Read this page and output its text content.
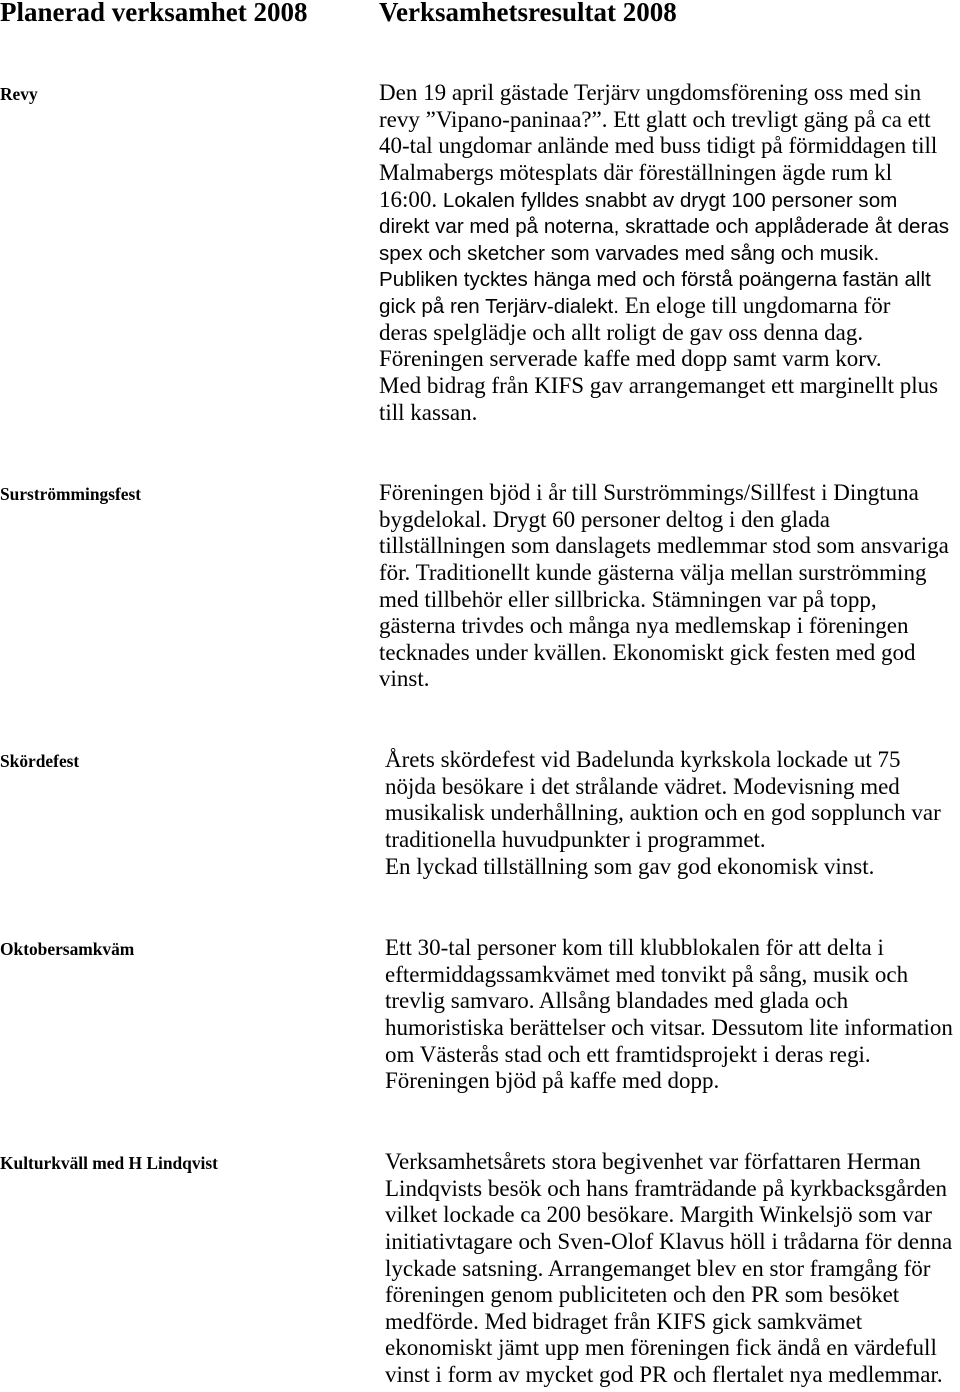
Planerad verksamhet 2008	Verksamhetsresultat 2008
Revy	Den 19 april gästade Terjärv ungdomsförening oss med sin
revy ”Vipano-paninaa?”. Ett glatt och trevligt gäng på ca ett
40-tal ungdomar anlände med buss tidigt på förmiddagen till
Malmabergs mötesplats där föreställningen ägde rum kl
16:00. Lokalen fylldes snabbt av drygt 100 personer som
direkt var med på noterna, skrattade och applåderade åt deras
spex och sketcher som varvades med sång och musik.
Publiken tycktes hänga med och förstå poängerna fastän allt
gick på ren Terjärv-dialekt. En eloge till ungdomarna för
deras spelglädje och allt roligt de gav oss denna dag.
Föreningen serverade kaffe med dopp samt varm korv.
Med bidrag från KIFS gav arrangemanget ett marginellt plus
till kassan.
Surströmmingsfest	Föreningen bjöd i år till Surströmmings/Sillfest i Dingtuna
bygdelokal. Drygt 60 personer deltog i den glada
tillställningen som danslagets medlemmar stod som ansvariga
för. Traditionellt kunde gästerna välja mellan surströmming
med tillbehör eller sillbricka. Stämningen var på topp,
gästerna trivdes och många nya medlemskap i föreningen
tecknades under kvällen. Ekonomiskt gick festen med god
vinst.
Skördefest	Årets skördefest vid Badelunda kyrkskola lockade ut 75
nöjda besökare i det strålande vädret. Modevisning med
musikalisk underhållning, auktion och en god sopplunch var
traditionella huvudpunkter i programmet.
En lyckad tillställning som gav god ekonomisk vinst.
Oktobersamkväm	Ett 30-tal personer kom till klubblokalen för att delta i
eftermiddagssamkvämet med tonvikt på sång, musik och
trevlig samvaro. Allsång blandades med glada och
humoristiska berättelser och vitsar. Dessutom lite information
om Västerås stad och ett framtidsprojekt i deras regi.
Föreningen bjöd på kaffe med dopp.
Kulturkväll med H Lindqvist	Verksamhetsårets stora begivenhet var författaren Herman
Lindqvists besök och hans framträdande på kyrkbacksgården
vilket lockade ca 200 besökare. Margith Winkelsjö som var
initiativtagare och Sven-Olof Klavus höll i trådarna för denna
lyckade satsning. Arrangemanget blev en stor framgång för
föreningen genom publiciteten och den PR som besöket
medförde. Med bidraget från KIFS gick samkvämet
ekonomiskt jämt upp men föreningen fick ändå en värdefull
vinst i form av mycket god PR och flertalet nya medlemmar.
